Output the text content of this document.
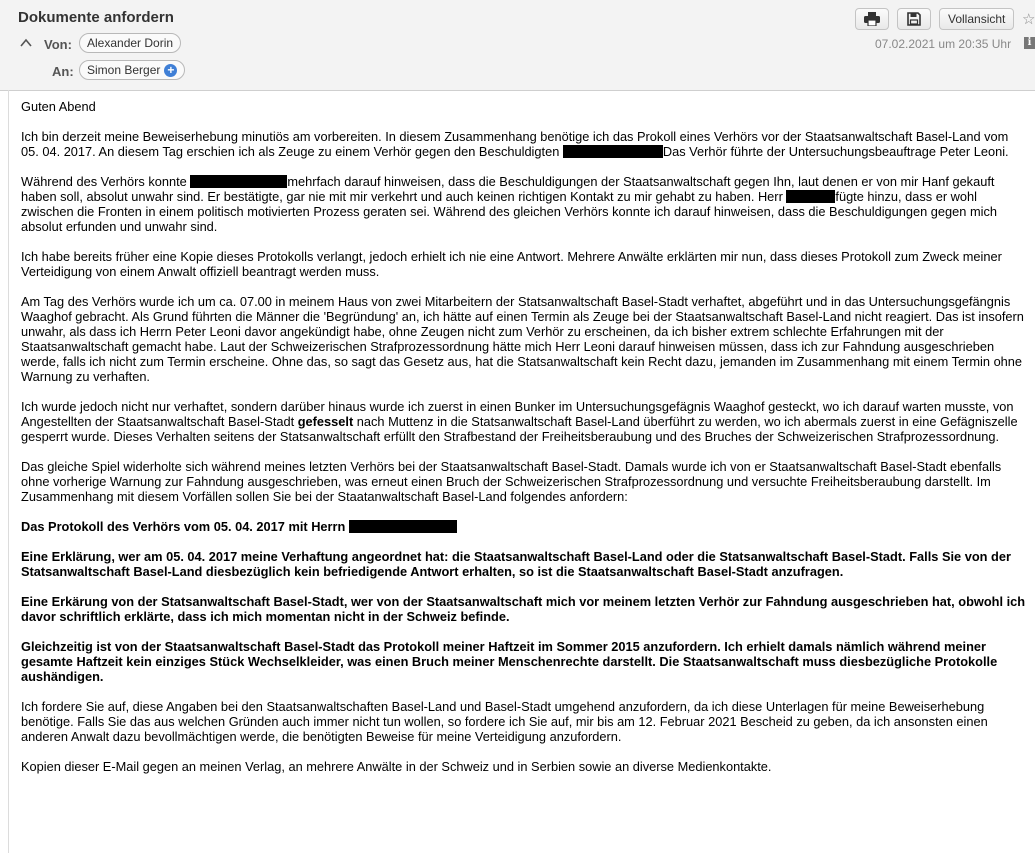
Dokumente anfordern	Vollansicht	☆
Von: Alexander Dorin	07.02.2021 um 20:35 Uhr	i
An: Simon Berger +

Guten Abend

Ich bin derzeit meine Beweiserhebung minutiös am vorbereiten. In diesem Zusammenhang benötige ich das Prokoll eines Verhörs vor der Staatsanwaltschaft Basel-Land vom 05. 04. 2017. An diesem Tag erschien ich als Zeuge zu einem Verhör gegen den Beschuldigten	Das Verhör führte der Untersuchungsbeauftrage Peter Leoni.

Während des Verhörs konnte	mehrfach darauf hinweisen, dass die Beschuldigungen der Staatsanwaltschaft gegen Ihn, laut denen er von mir Hanf gekauft haben soll, absolut unwahr sind. Er bestätigte, gar nie mit mir verkehrt und auch keinen richtigen Kontakt zu mir gehabt zu haben. Herr	fügte hinzu, dass er wohl zwischen die Fronten in einem politisch motivierten Prozess geraten sei. Während des gleichen Verhörs konnte ich darauf hinweisen, dass die Beschuldigungen gegen mich absolut erfunden und unwahr sind.

Ich habe bereits früher eine Kopie dieses Protokolls verlangt, jedoch erhielt ich nie eine Antwort. Mehrere Anwälte erklärten mir nun, dass dieses Protokoll zum Zweck meiner Verteidigung von einem Anwalt offiziell beantragt werden muss.

Am Tag des Verhörs wurde ich um ca. 07.00 in meinem Haus von zwei Mitarbeitern der Statsanwaltschaft Basel-Stadt verhaftet, abgeführt und in das Untersuchungsgefängnis Waaghof gebracht. Als Grund führten die Männer die 'Begründung' an, ich hätte auf einen Termin als Zeuge bei der Staatsanwaltschaft Basel-Land nicht reagiert. Das ist insofern unwahr, als dass ich Herrn Peter Leoni davor angekündigt habe, ohne Zeugen nicht zum Verhör zu erscheinen, da ich bisher extrem schlechte Erfahrungen mit der Staatsanwaltschaft gemacht habe. Laut der Schweizerischen Strafprozessordnung hätte mich Herr Leoni darauf hinweisen müssen, dass ich zur Fahndung ausgeschrieben werde, falls ich nicht zum Termin erscheine. Ohne das, so sagt das Gesetz aus, hat die Statsanwaltschaft kein Recht dazu, jemanden im Zusammenhang mit einem Termin ohne Warnung zu verhaften.

Ich wurde jedoch nicht nur verhaftet, sondern darüber hinaus wurde ich zuerst in einen Bunker im Untersuchungsgefägnis Waaghof gesteckt, wo ich darauf warten musste, von Angestellten der Staatsanwaltschaft Basel-Stadt gefesselt nach Muttenz in die Statsanwaltschaft Basel-Land überführt zu werden, wo ich abermals zuerst in eine Gefägniszelle gesperrt wurde. Dieses Verhalten seitens der Statsanwaltschaft erfüllt den Strafbestand der Freiheitsberaubung und des Bruches der Schweizerischen Strafprozessordnung.

Das gleiche Spiel widerholte sich während meines letzten Verhörs bei der Staatsanwaltschaft Basel-Stadt. Damals wurde ich von er Staatsanwaltschaft Basel-Stadt ebenfalls ohne vorherige Warnung zur Fahndung ausgeschrieben, was erneut einen Bruch der Schweizerischen Strafprozessordnung und versuchte Freiheitsberaubung darstellt. Im Zusammenhang mit diesem Vorfällen sollen Sie bei der Staatanwaltschaft Basel-Land folgendes anfordern:

Das Protokoll des Verhörs vom 05. 04. 2017 mit Herrn

Eine Erklärung, wer am 05. 04. 2017 meine Verhaftung angeordnet hat: die Staatsanwaltschaft Basel-Land oder die Statsanwaltschaft Basel-Stadt. Falls Sie von der Statsanwaltschaft Basel-Land diesbezüglich kein befriedigende Antwort erhalten, so ist die Staatsanwaltschaft Basel-Stadt anzufragen.

Eine Erkärung von der Statsanwaltschaft Basel-Stadt, wer von der Staatsanwaltschaft mich vor meinem letzten Verhör zur Fahndung ausgeschrieben hat, obwohl ich davor schriftlich erklärte, dass ich mich momentan nicht in der Schweiz befinde.

Gleichzeitig ist von der Staatsanwaltschaft Basel-Stadt das Protokoll meiner Haftzeit im Sommer 2015 anzufordern. Ich erhielt damals nämlich während meiner gesamte Haftzeit kein einziges Stück Wechselkleider, was einen Bruch meiner Menschenrechte darstellt. Die Staatsanwaltschaft muss diesbezügliche Protokolle aushändigen.

Ich fordere Sie auf, diese Angaben bei den Staatsanwaltschaften Basel-Land und Basel-Stadt umgehend anzufordern, da ich diese Unterlagen für meine Beweiserhebung benötige. Falls Sie das aus welchen Gründen auch immer nicht tun wollen, so fordere ich Sie auf, mir bis am 12. Februar 2021 Bescheid zu geben, da ich ansonsten einen anderen Anwalt dazu bevollmächtigen werde, die benötigten Beweise für meine Verteidigung anzufordern.

Kopien dieser E-Mail gegen an meinen Verlag, an mehrere Anwälte in der Schweiz und in Serbien sowie an diverse Medienkontakte.
